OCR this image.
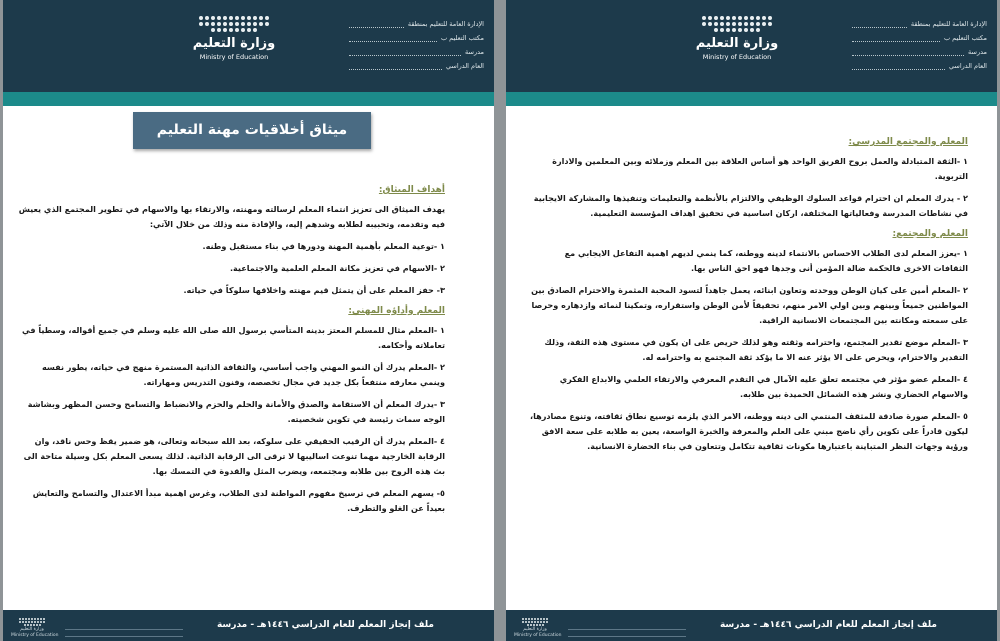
وزارة التعليم
Ministry of Education
الإدارة العامة للتعليم بمنطقة
مكتب التعليم ب
مدرسة
العام الدراسي
ميثاق أخلاقيات مهنة التعليم
أهداف الميثاق:

يهدف الميثاق الى تعزيز انتماء المعلم لرسالته ومهنته، والارتقاء بها والاسهام في تطوير المجتمع الذي يعيش فيه وتقدمه، وتحبيبه لطلابه وشدهم إليه، والإفادة منه وذلك من خلال الآتي:

١ -توعية المعلم بأهمية المهنة ودورها في بناء مستقبل وطنه.

٢ -الاسهام في تعزيز مكانة المعلم العلمية والاجتماعية.

٣- حفز المعلم على أن يتمثل قيم مهنته واخلاقها سلوكاً في حياته.

المعلم وأداؤه المهني:

١ -المعلم مثال للمسلم المعتز بدينه المتأسي برسول الله صلى الله عليه وسلم في جميع أقواله، وسطياً في تعاملاته وأحكامه.

٢ -المعلم يدرك أن النمو المهني واجب أساسي، والثقافة الذاتية المستمرة منهج في حياته، يطور نفسه وينمي معارفه منتفعاً بكل جديد في مجال تخصصه، وفنون التدريس ومهاراته.

٣ -يدرك المعلم أن الاستقامة والصدق والأمانة والحلم والحزم والانضباط والتسامح وحسن المظهر وبشاشة الوجه سمات رئيسة في تكوين شخصيته.

٤ -المعلم يدرك أن الرقيب الحقيقي على سلوكه، بعد الله سبحانه وتعالى، هو ضمير يقظ وحس ناقد، وان الرقابة الخارجية مهما تنوعت اساليبها لا ترقى الى الرقابة الذاتية. لذلك يسعى المعلم بكل وسيلة متاحة الى بث هذه الروح بين طلابه ومجتمعه، ويضرب المثل والقدوة في التمسك بها.

٥- يسهم المعلم في ترسيخ مفهوم المواطنة لدى الطلاب، وغرس اهمية مبدأ الاعتدال والتسامح والتعايش بعيداً عن الغلو والتطرف.

وزارة التعليم
Ministry of Education
ملف إنجاز المعلم للعام الدراسي ١٤٤٦هـ - مدرسة
وزارة التعليم
Ministry of Education
الإدارة العامة للتعليم بمنطقة
مكتب التعليم ب
مدرسة
العام الدراسي
المعلم والمجتمع المدرسي:

١ -الثقة المتبادلة والعمل بروح الفريق الواحد هو أساس العلاقة بين المعلم وزملائه وبين المعلمين والادارة التربوية.

٢ - يدرك المعلم ان احترام قواعد السلوك الوظيفي والالتزام بالأنظمة والتعليمات وتنفيذها والمشاركة الايجابية في نشاطات المدرسة وفعالياتها المختلفة، اركان اساسية في تحقيق اهداف المؤسسة التعليمية.

المعلم والمجتمع:

١ -يعزز المعلم لدى الطلاب الاحساس بالانتماء لدينه ووطنه، كما ينمي لديهم اهمية التفاعل الايجابي مع الثقافات الاخرى فالحكمة ضالة المؤمن أنى وجدها فهو احق الناس بها.

٢ -المعلم أمين على كيان الوطن ووحدته وتعاون ابنائه، يعمل جاهداً لتسود المحبة المثمرة والاحترام الصادق بين المواطنين جميعاً وبينهم وبين اولي الامر منهم، تحقيقاً لأمن الوطن واستقراره، وتمكينا لنمائه وازدهاره وحرصا على سمعته ومكانته بين المجتمعات الانسانية الراقية.

٣ -المعلم موضع تقدير المجتمع، واحترامه وثقته وهو لذلك حريص على ان يكون في مستوى هذه الثقة، وذلك التقدير والاحترام، ويحرص على الا يؤثر عنه الا ما يؤكد ثقة المجتمع به واحترامه له.

٤ -المعلم عضو مؤثر في مجتمعه تعلق عليه الآمال في التقدم المعرفي والارتقاء العلمي والابداع الفكري والاسهام الحضاري ونشر هذه الشمائل الحميدة بين طلابه.

٥ -المعلم صورة صادقة للمثقف المنتمي الى دينه ووطنه، الامر الذي يلزمه توسيع نطاق ثقافته، وتنوع مصادرها، ليكون قادراً على تكوين رأي ناضج مبني على العلم والمعرفة والخبرة الواسعة، يعين به طلابه على سعة الافق ورؤية وجهات النظر المتباينة باعتبارها مكونات ثقافية تتكامل وتتعاون في بناء الحضارة الانسانية.

وزارة التعليم
Ministry of Education
ملف إنجاز المعلم للعام الدراسي ١٤٤٦هـ - مدرسة
